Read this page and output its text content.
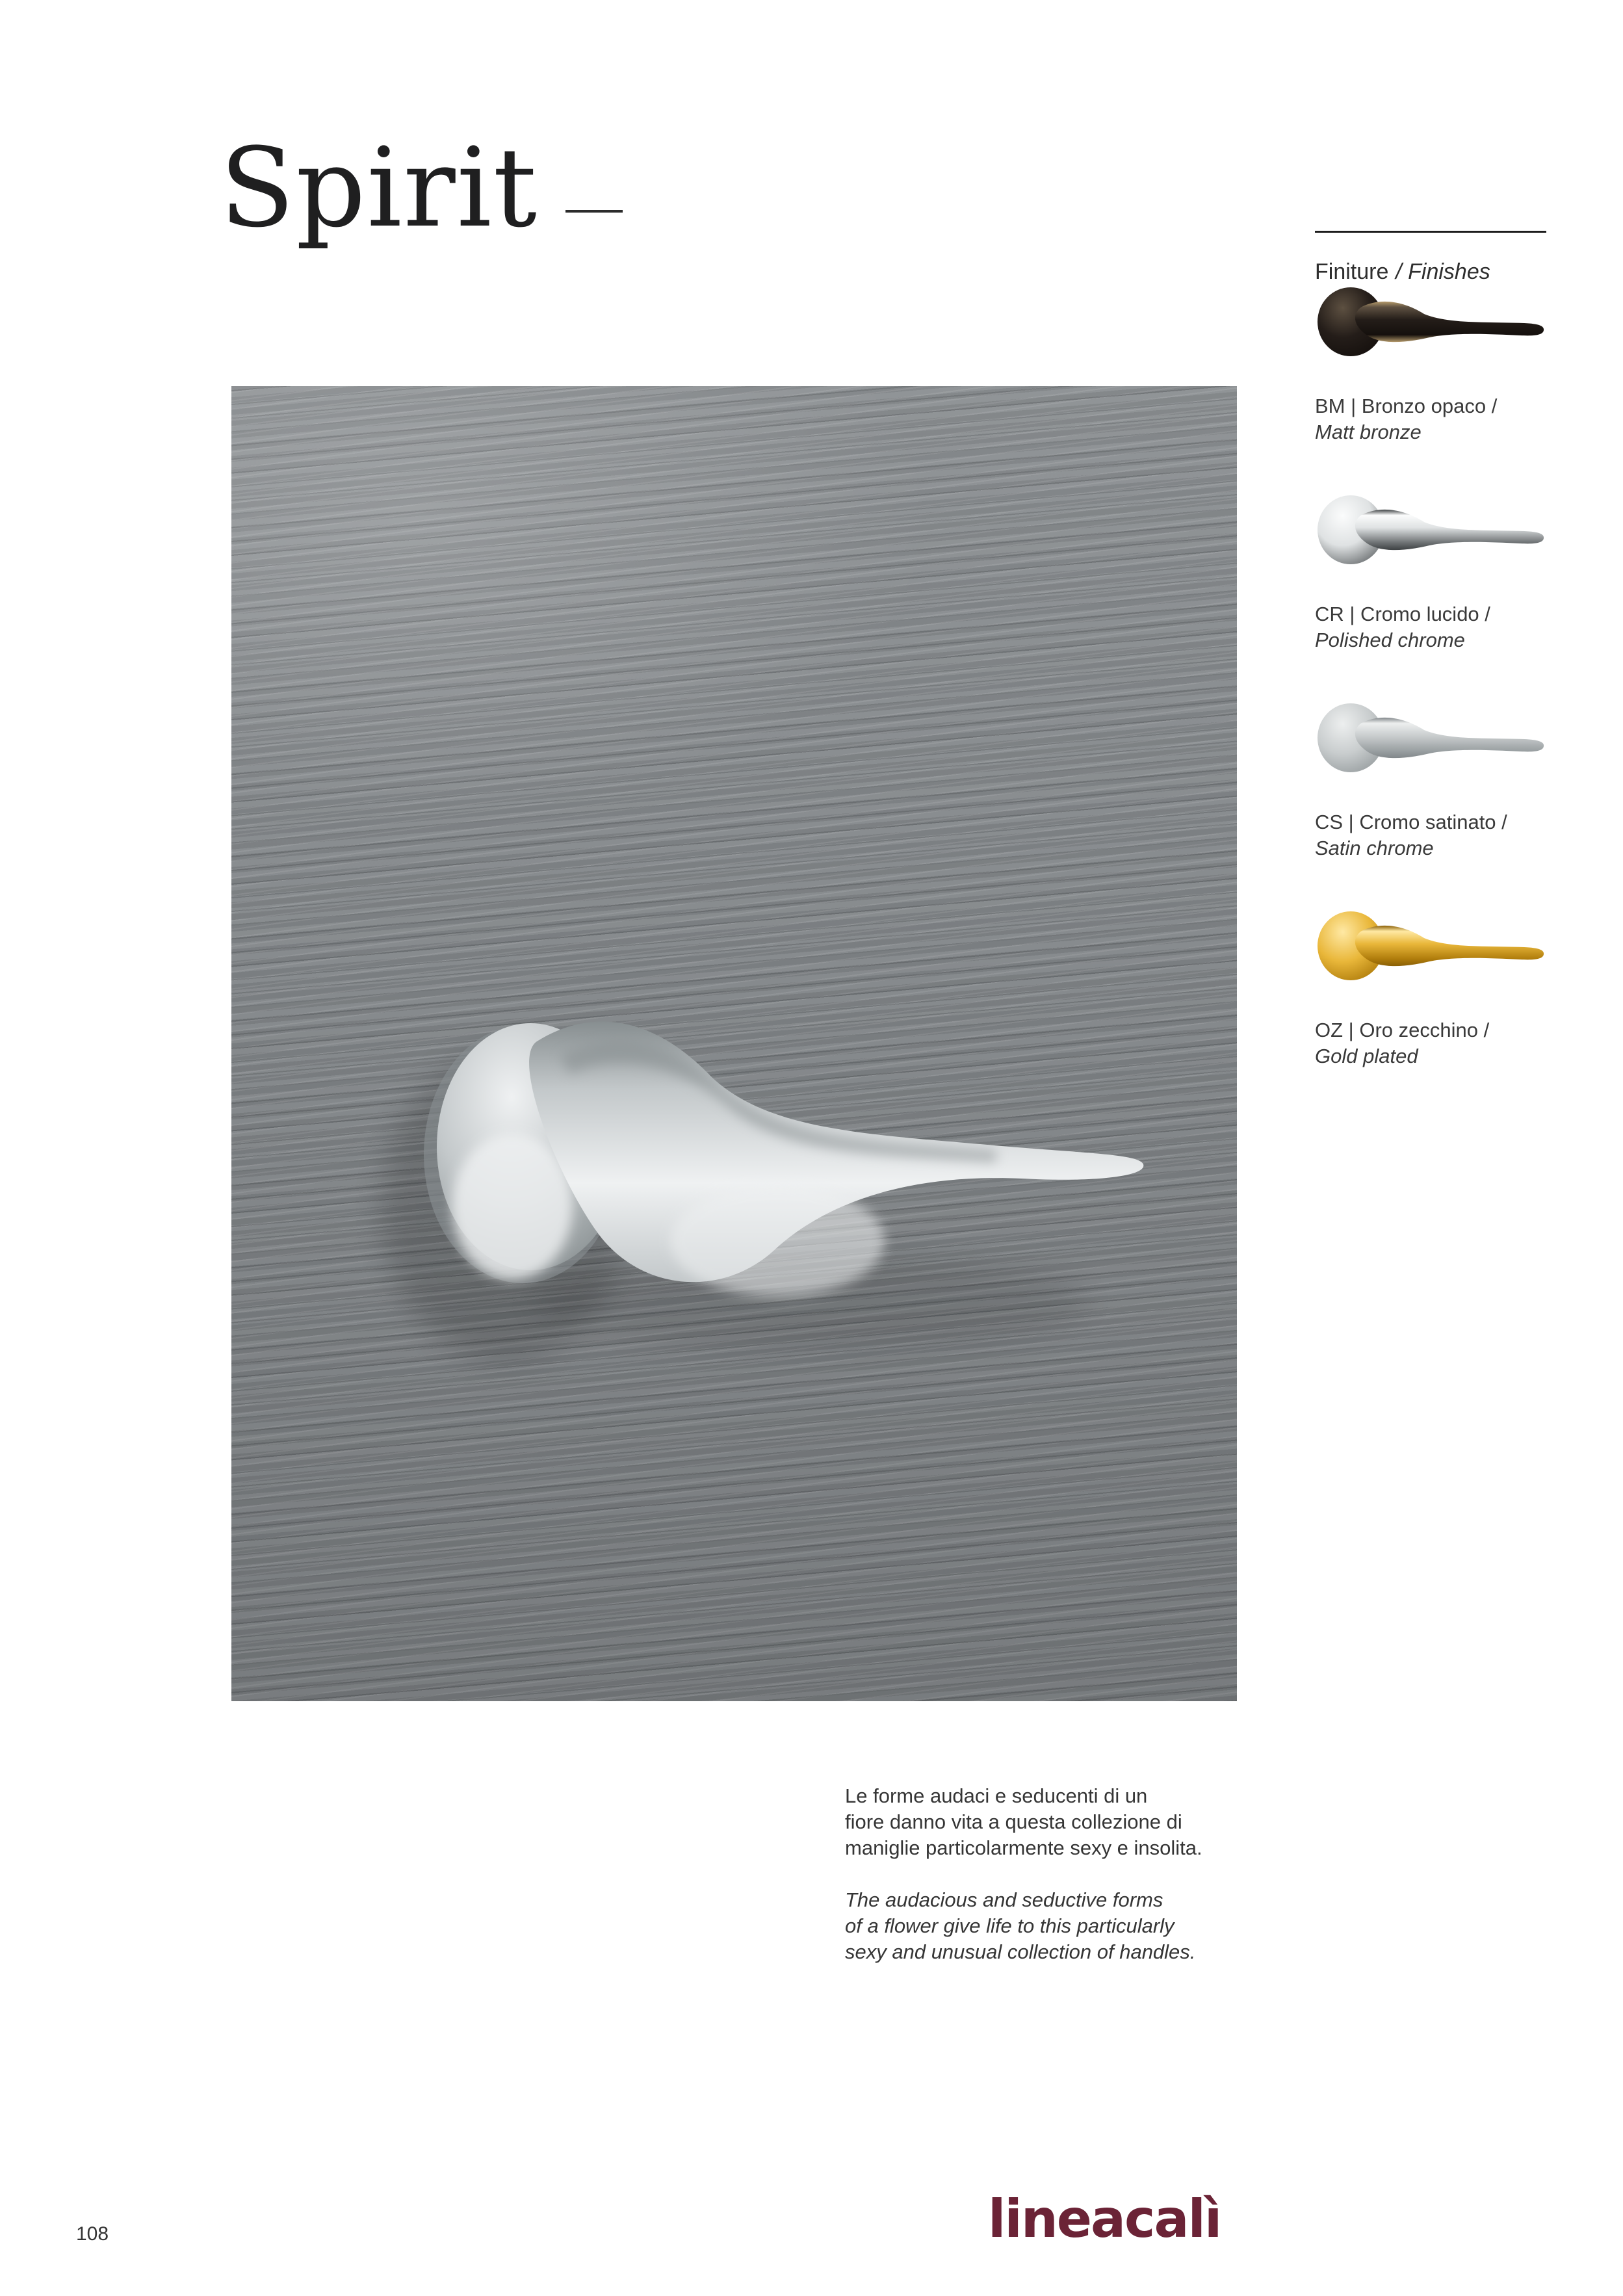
Spirit
Finiture / Finishes
BM | Bronzo opaco /
Matt bronze
CR | Cromo lucido /
Polished chrome
CS | Cromo satinato /
Satin chrome
OZ | Oro zecchino /
Gold plated
Le forme audaci e seducenti di un
fiore danno vita a questa collezione di
maniglie particolarmente sexy e insolita.
The audacious and seductive forms
of a flower give life to this particularly
sexy and unusual collection of handles.
108	lineacalì
